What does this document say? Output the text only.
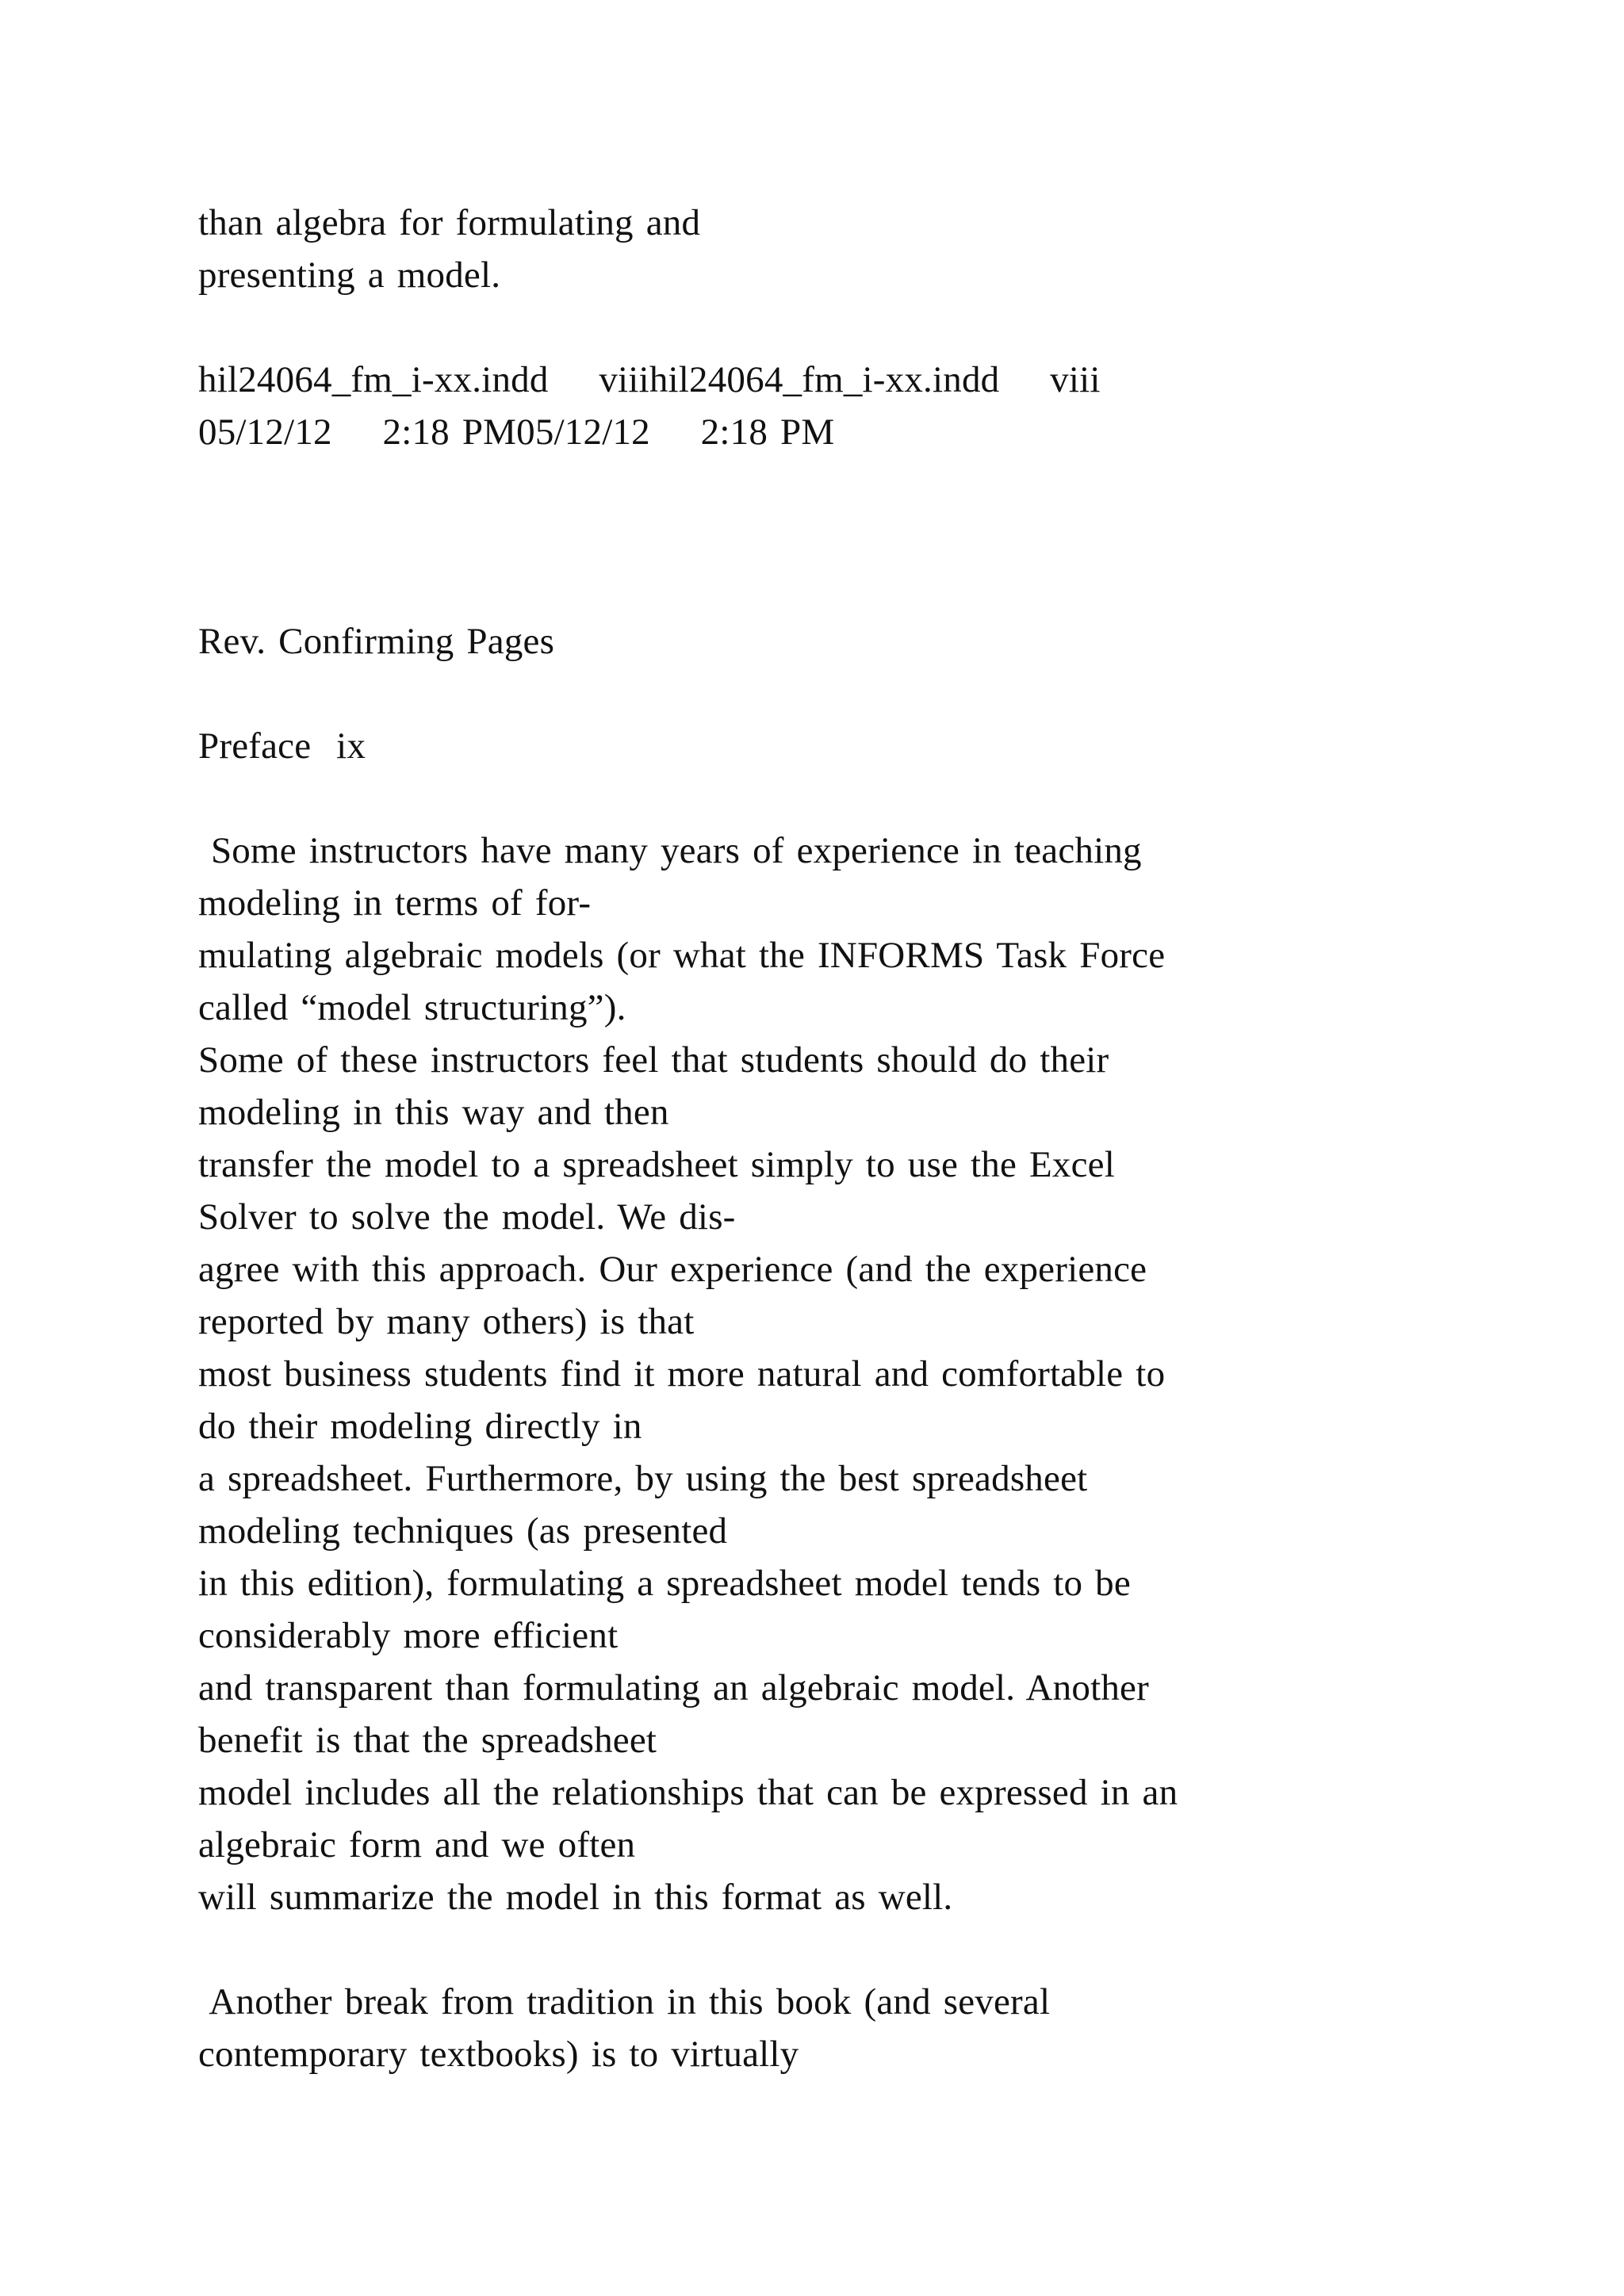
than algebra for formulating and
presenting a model.
hil24064_fm_i-xx.indd    viiihil24064_fm_i-xx.indd    viii
05/12/12    2:18 PM05/12/12    2:18 PM
Rev. Confirming Pages
Preface  ix
Some instructors have many years of experience in teaching
modeling in terms of for-
mulating algebraic models (or what the INFORMS Task Force
called “model structuring”).
Some of these instructors feel that students should do their
modeling in this way and then
transfer the model to a spreadsheet simply to use the Excel
Solver to solve the model. We dis-
agree with this approach. Our experience (and the experience
reported by many others) is that
most business students find it more natural and comfortable to
do their modeling directly in
a spreadsheet. Furthermore, by using the best spreadsheet
modeling techniques (as presented
in this edition), formulating a spreadsheet model tends to be
considerably more efficient
and transparent than formulating an algebraic model. Another
benefit is that the spreadsheet
model includes all the relationships that can be expressed in an
algebraic form and we often
will summarize the model in this format as well.
Another break from tradition in this book (and several
contemporary textbooks) is to virtually
